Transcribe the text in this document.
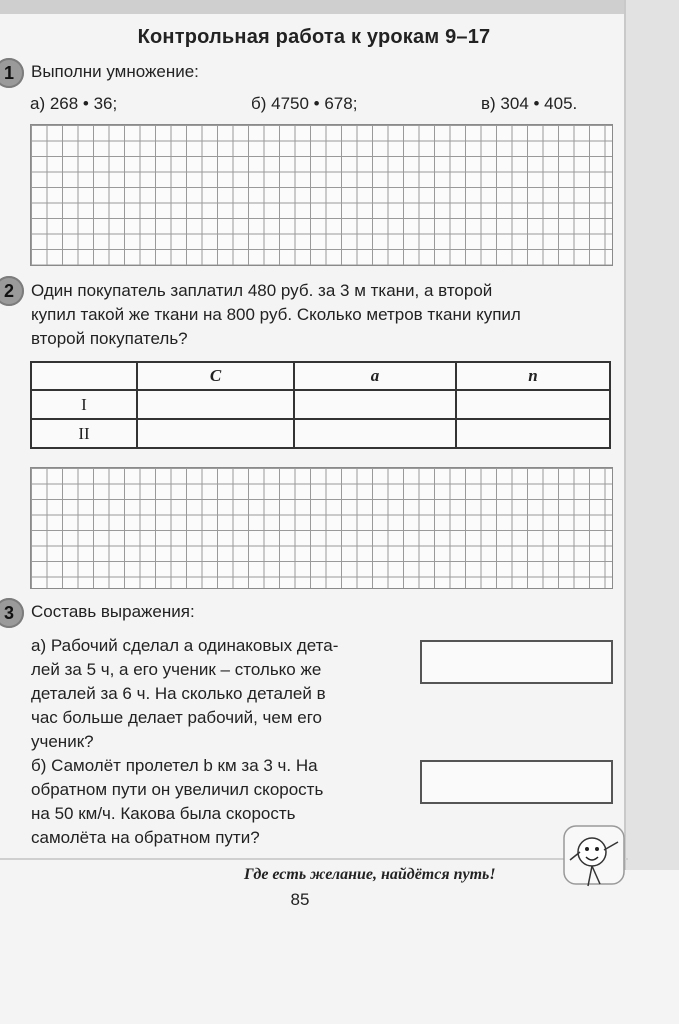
Контрольная работа к урокам 9–17
1	Выполни умножение:
а) 268 • 36;	б) 4750 • 678;	в) 304 • 405.
2	Один покупатель заплатил 480 руб. за 3 м ткани, а второй
купил такой же ткани на 800 руб. Сколько метров ткани купил
второй покупатель?
	С	а	п
I			
II			
3	Составь выражения:
а) Рабочий сделал а одинаковых дета-
лей за 5 ч, а его ученик – столько же
деталей за 6 ч. На сколько деталей в
час больше делает рабочий, чем его
ученик?
б) Самолёт пролетел b км за 3 ч. На
обратном пути он увеличил скорость
на 50 км/ч. Какова была скорость
самолёта на обратном пути?
Где есть желание, найдётся путь!
85
